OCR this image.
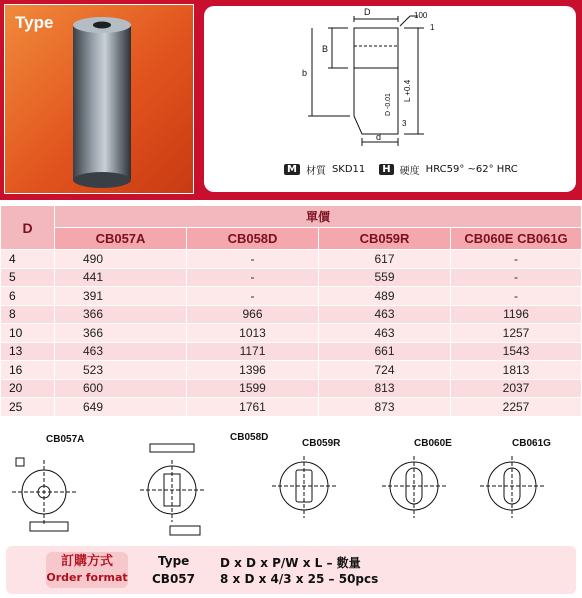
Type
D	100
1
B
b
L +0.4
D -0.01
3
d
M 材質 SKD11	H 硬度 HRC59° ~62° HRC
D	單價			
	CB057A	CB058D	CB059R	CB060E CB061G
4	490	-	617	-
5	441	-	559	-
6	391	-	489	-
8	366	966	463	1196
10	366	1013	463	1257
13	463	1171	661	1543
16	523	1396	724	1813
20	600	1599	813	2037
25	649	1761	873	2257
CB057A	CB058D
CB059R	CB060E	CB061G
訂購方式
Order format
Type
CB057
D x D x P/W x L – 數量
8 x D x 4/3 x 25 – 50pcs
